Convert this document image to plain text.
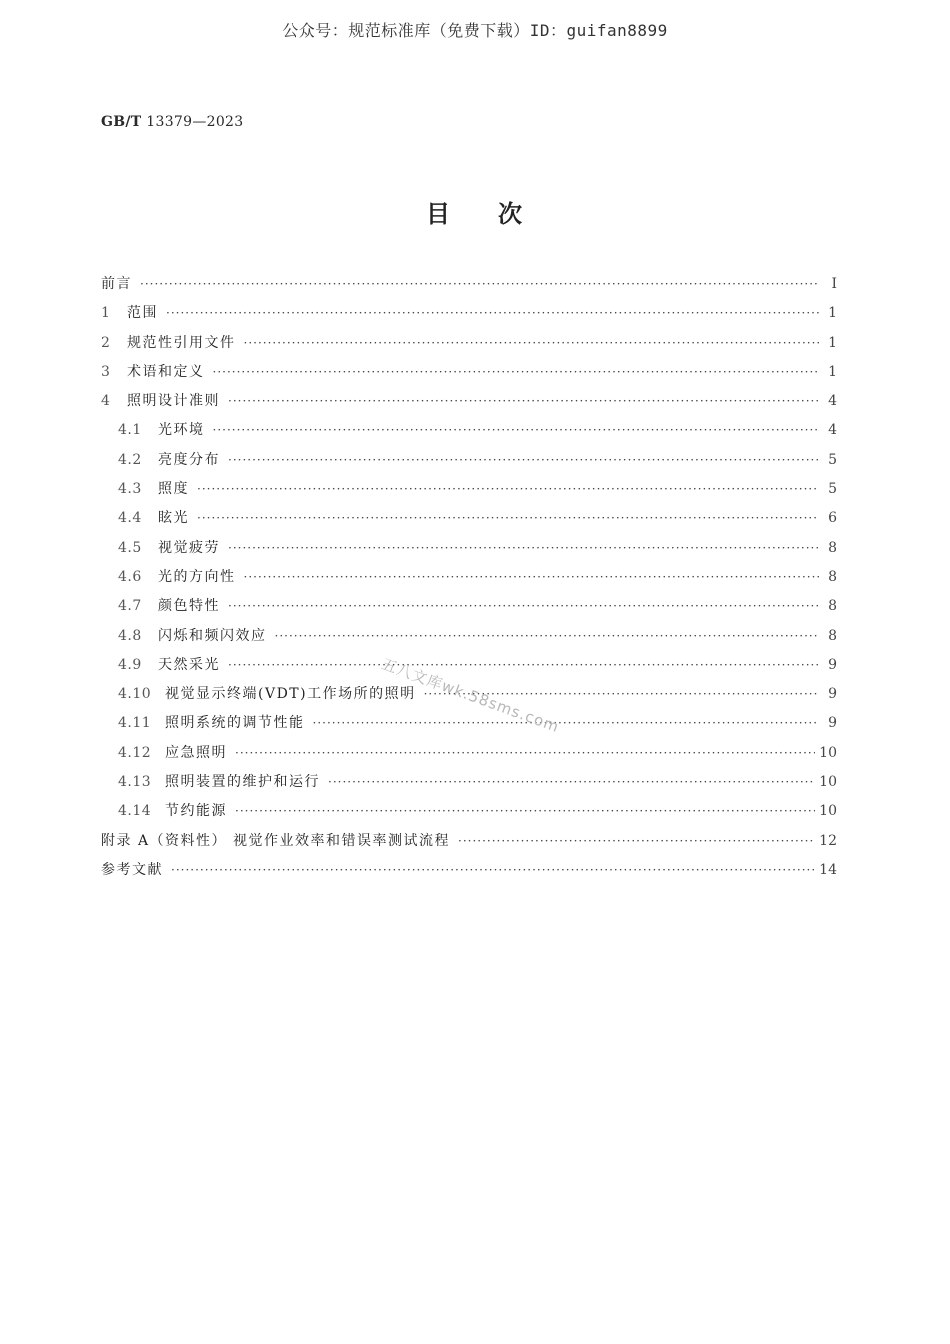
公众号：规范标准库（免费下载）ID：guifan8899
GB/T 13379—2023
目 次
前言 ·····	I
1	范围 ·····	1
2	规范性引用文件 ·····	1
3	术语和定义 ·····	1
4	照明设计准则 ·····	4
4.1	光环境 ·····	4
4.2	亮度分布 ·····	5
4.3	照度 ·····	5
4.4	眩光 ·····	6
4.5	视觉疲劳 ·····	8
4.6	光的方向性 ·····	8
4.7	颜色特性 ·····	8
4.8	闪烁和频闪效应 ·····	8
4.9	天然采光 ·····	9
4.10 视觉显示终端(VDT)工作场所的照明 ·····	9
4.11 照明系统的调节性能 ·····	9
4.12 应急照明 ·····	10
4.13 照明装置的维护和运行 ·····	10
4.14 节约能源 ·····	10
附录 A（资料性） 视觉作业效率和错误率测试流程 ·····	12
参考文献 ·····	14
五八文库wk.58sms.com
